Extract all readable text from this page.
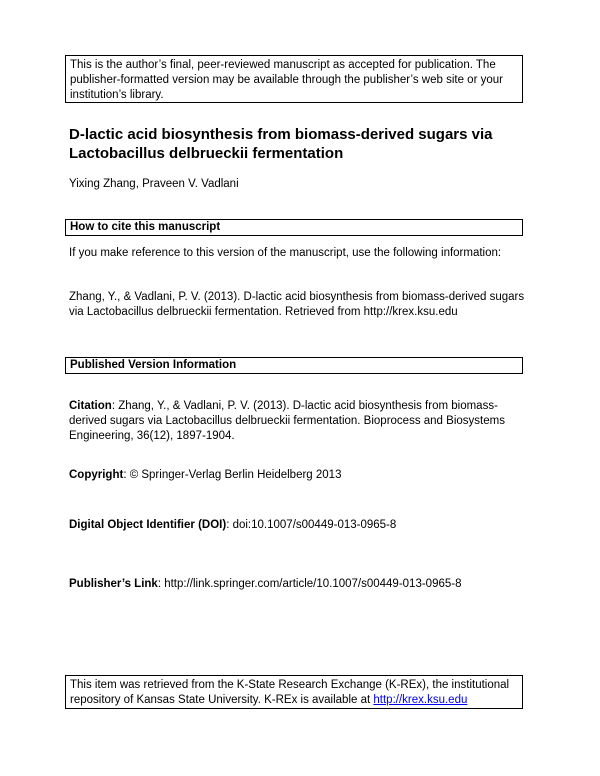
This is the author’s final, peer-reviewed manuscript as accepted for publication. The publisher-formatted version may be available through the publisher’s web site or your institution’s library.
D-lactic acid biosynthesis from biomass-derived sugars via Lactobacillus delbrueckii fermentation
Yixing Zhang, Praveen V. Vadlani
How to cite this manuscript

If you make reference to this version of the manuscript, use the following information:

Zhang, Y., & Vadlani, P. V. (2013). D-lactic acid biosynthesis from biomass-derived sugars via Lactobacillus delbrueckii fermentation. Retrieved from http://krex.ksu.edu

Published Version Information

Citation: Zhang, Y., & Vadlani, P. V. (2013). D-lactic acid biosynthesis from biomass-derived sugars via Lactobacillus delbrueckii fermentation. Bioprocess and Biosystems Engineering, 36(12), 1897-1904.

Copyright: © Springer-Verlag Berlin Heidelberg 2013

Digital Object Identifier (DOI): doi:10.1007/s00449-013-0965-8

Publisher’s Link: http://link.springer.com/article/10.1007/s00449-013-0965-8

This item was retrieved from the K-State Research Exchange (K-REx), the institutional repository of Kansas State University. K-REx is available at http://krex.ksu.edu
